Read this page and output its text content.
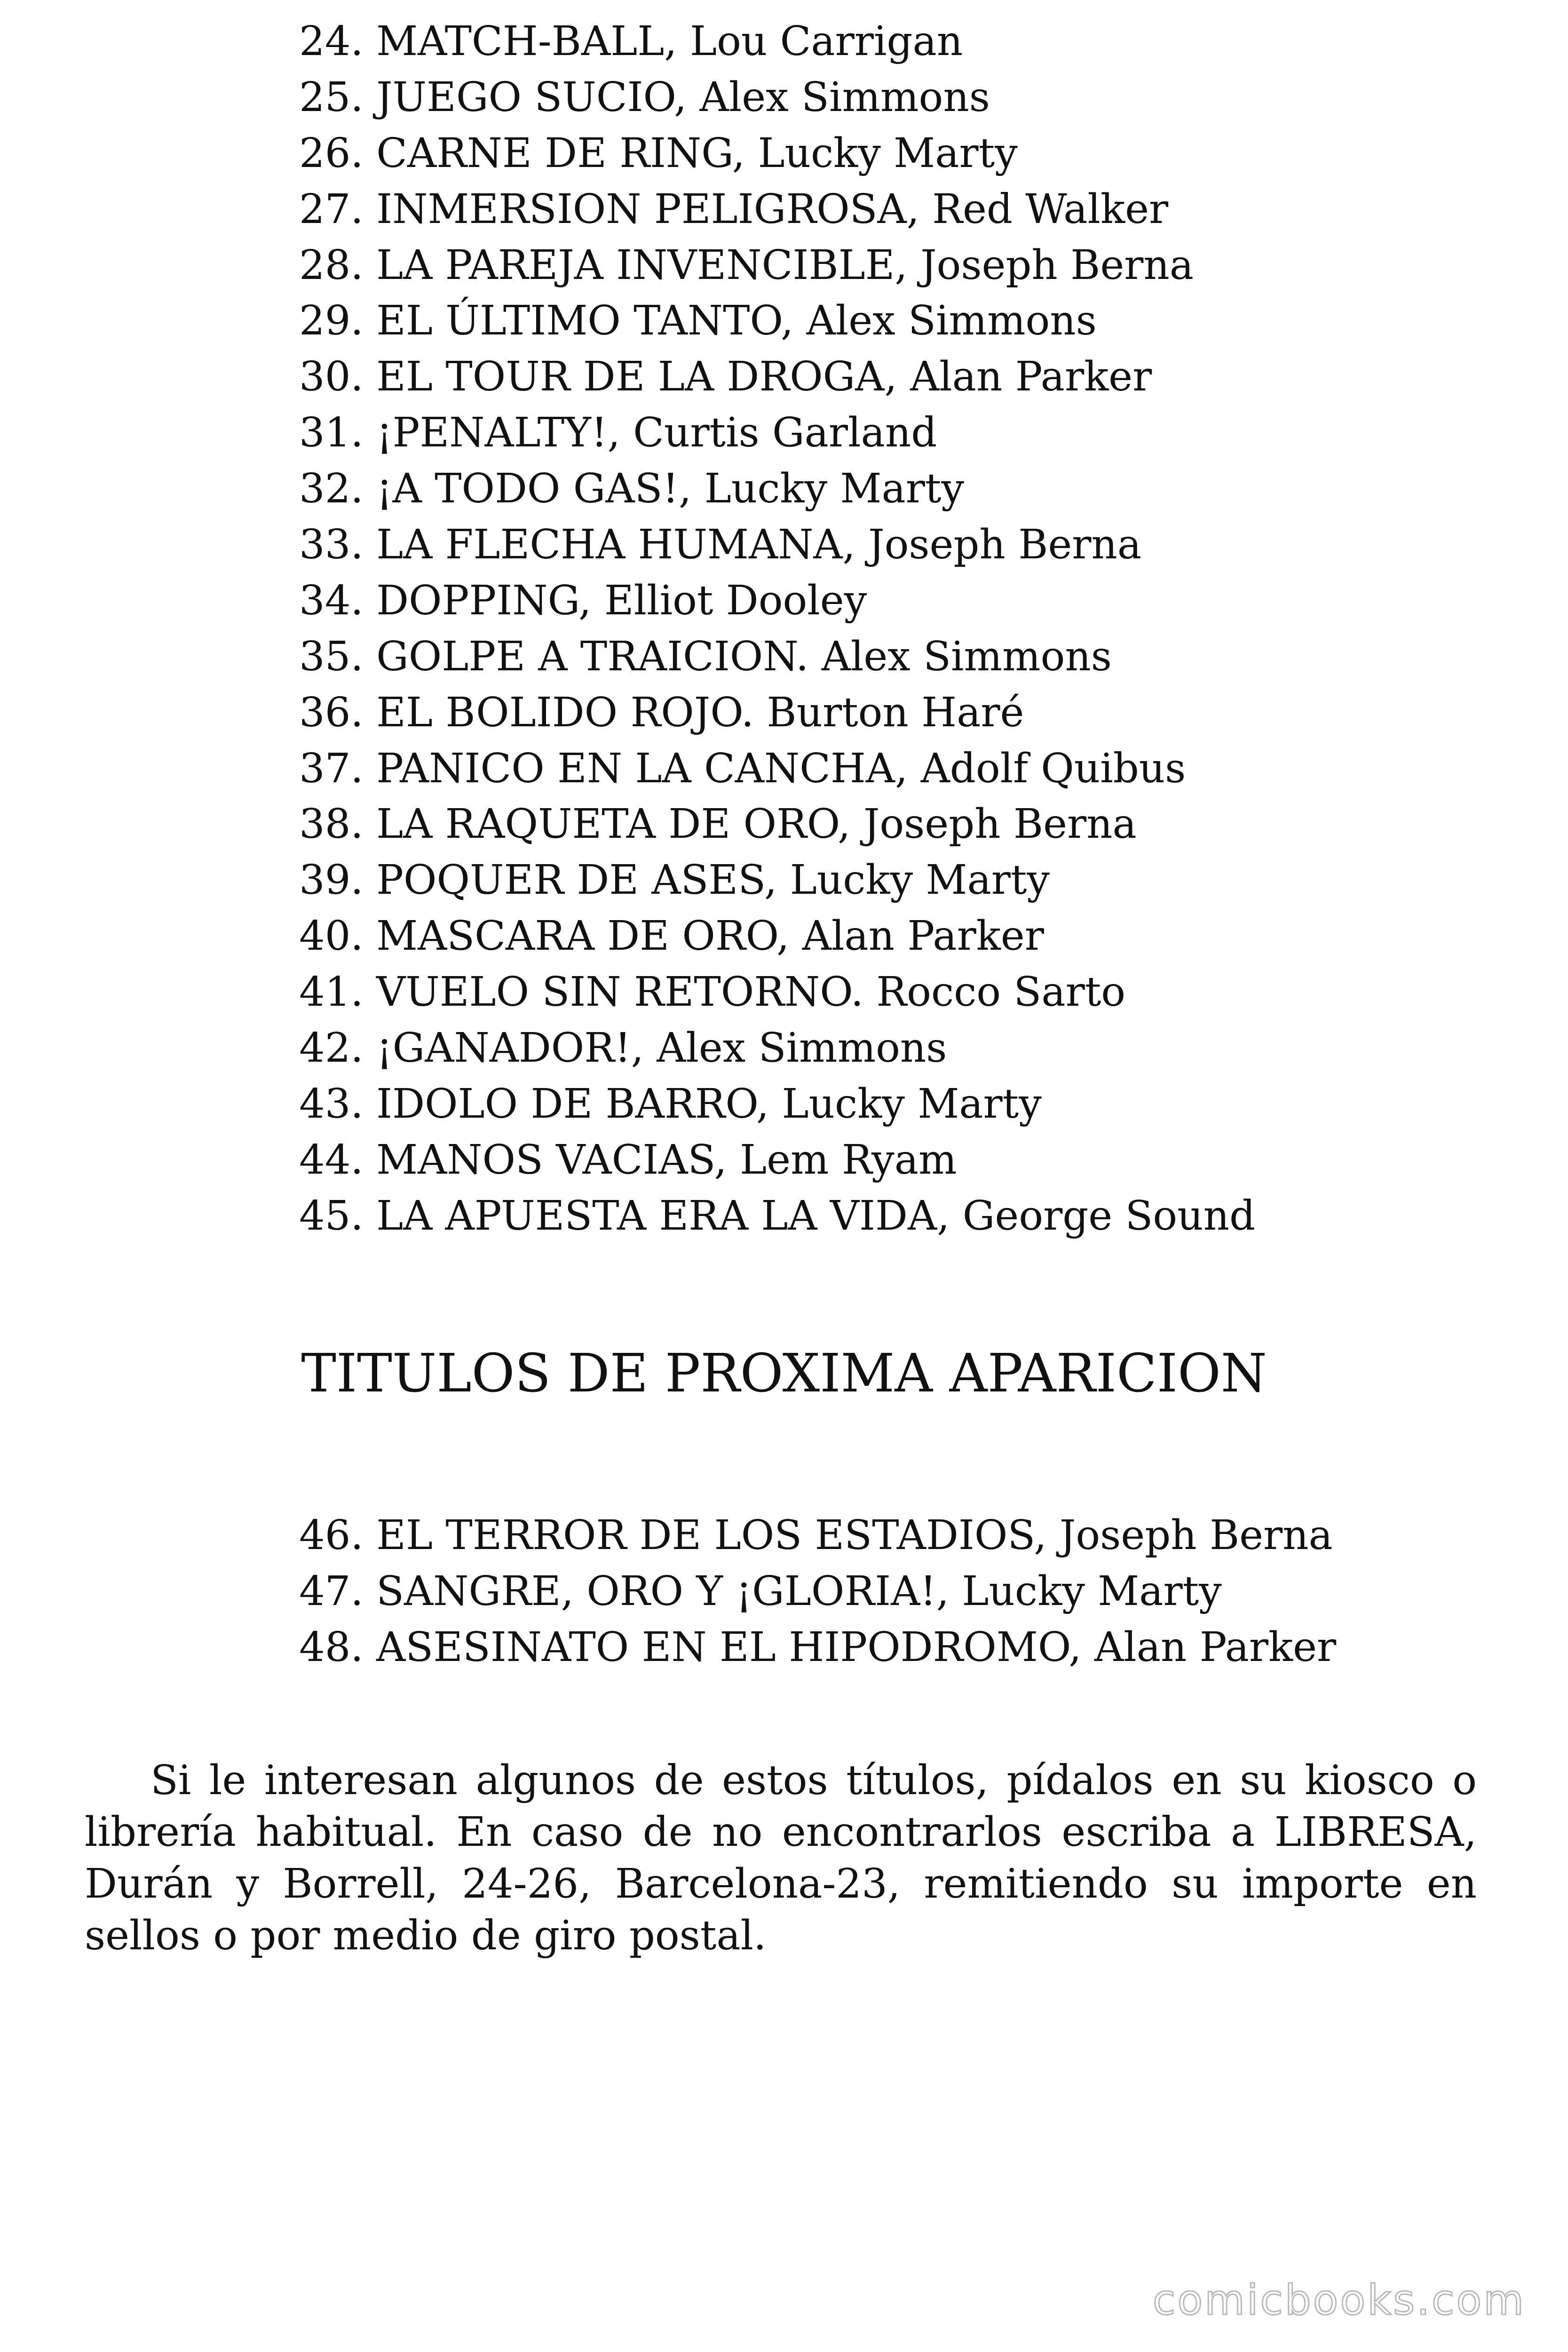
24. MATCH-BALL, Lou Carrigan
25. JUEGO SUCIO, Alex Simmons
26. CARNE DE RING, Lucky Marty
27. INMERSION PELIGROSA, Red Walker
28. LA PAREJA INVENCIBLE, Joseph Berna
29. EL ÚLTIMO TANTO, Alex Simmons
30. EL TOUR DE LA DROGA, Alan Parker
31. ¡PENALTY!, Curtis Garland
32. ¡A TODO GAS!, Lucky Marty
33. LA FLECHA HUMANA, Joseph Berna
34. DOPPING, Elliot Dooley
35. GOLPE A TRAICION. Alex Simmons
36. EL BOLIDO ROJO. Burton Haré
37. PANICO EN LA CANCHA, Adolf Quibus
38. LA RAQUETA DE ORO, Joseph Berna
39. POQUER DE ASES, Lucky Marty
40. MASCARA DE ORO, Alan Parker
41. VUELO SIN RETORNO. Rocco Sarto
42. ¡GANADOR!, Alex Simmons
43. IDOLO DE BARRO, Lucky Marty
44. MANOS VACIAS, Lem Ryam
45. LA APUESTA ERA LA VIDA, George Sound
TITULOS DE PROXIMA APARICION
46. EL TERROR DE LOS ESTADIOS, Joseph Berna
47. SANGRE, ORO Y ¡GLORIA!, Lucky Marty
48. ASESINATO EN EL HIPODROMO, Alan Parker

Si le interesan algunos de estos títulos, pídalos en su kiosco o librería habitual. En caso de no encontrarlos escriba a LIBRESA, Durán y Borrell, 24-26, Barcelona-23, remitiendo su importe en sellos o por medio de giro postal.

comicbooks.com
